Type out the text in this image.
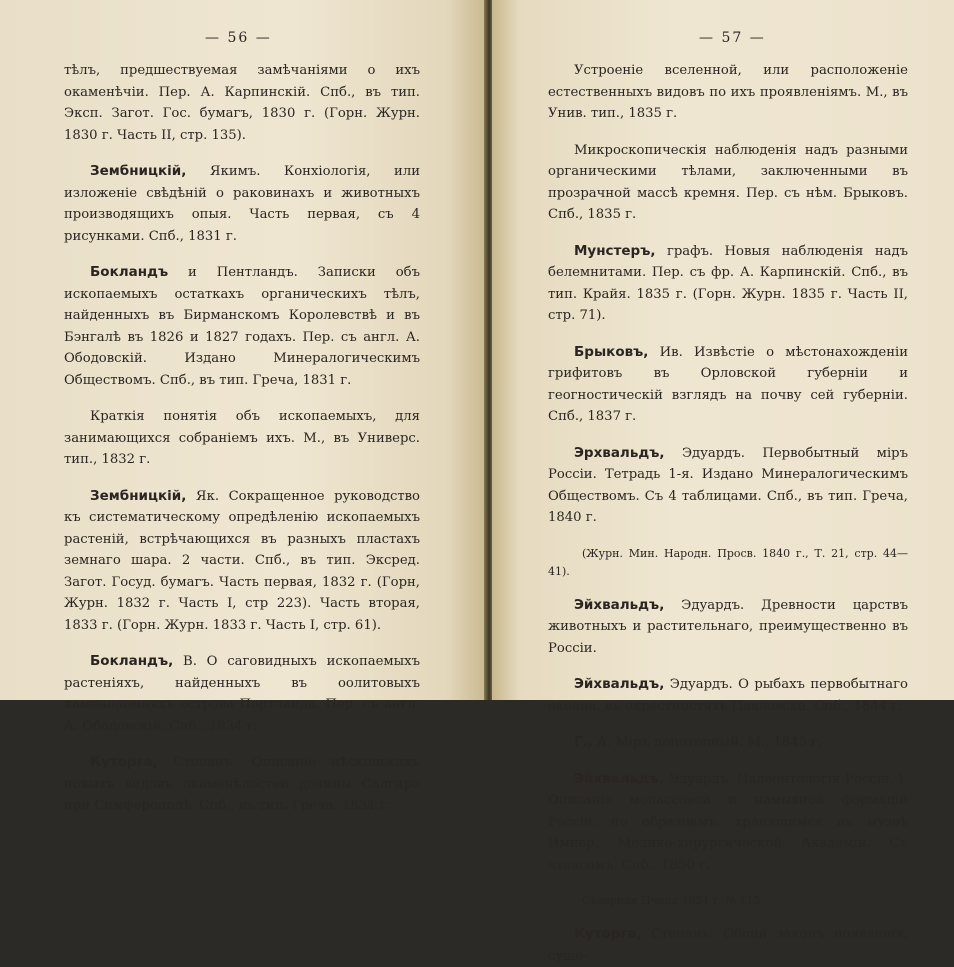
— 56 —

тѣлъ, предшествуемая замѣчаніями о ихъ окаменѣчіи. Пер. А. Карпинскій. Спб., въ тип. Эксп. Загот. Гос. бумагъ, 1830 г. (Горн. Журн. 1830 г. Часть II, стр. 135).

Зембницкій, Якимъ. Конхіологія, или изложеніе свѣдѣній о раковинахъ и животныхъ производящихъ опыя. Часть первая, съ 4 рисунками. Спб., 1831 г.

Бокландъ и Пентландъ. Записки объ ископаемыхъ остаткахъ органическихъ тѣлъ, найденныхъ въ Бирманскомъ Королевствѣ и въ Бэнгалѣ въ 1826 и 1827 годахъ. Пер. съ англ. А. Ободовскій. Издано Минералогическимъ Обществомъ. Спб., въ тип. Греча, 1831 г.

Краткія понятія объ ископаемыхъ, для занимающихся собраніемъ ихъ. М., въ Универс. тип., 1832 г.

Зембницкій, Як. Сокращенное руководство къ систематическому опредѣленію ископаемыхъ растеній, встрѣчающихся въ разныхъ пластахъ земнаго шара. 2 части. Спб., въ тип. Эксред. Загот. Госуд. бумагъ. Часть первая, 1832 г. (Горн, Журн. 1832 г. Часть I, стр 223). Часть вторая, 1833 г. (Горн. Журн. 1833 г. Часть I, стр. 61).

Бокландъ, В. О саговидныхъ ископаемыхъ растеніяхъ, найденныхъ въ оолитовыхъ каменоломняхъ острова Портланда. Пер. съ англ. А. Ободовскій. Спб., 1834 г.

Куторга, Степанъ. Описаніе нѣсколькихъ новыхъ видовъ окаменѣлостей долины Салгира при Симферополѣ. Спб., въ тип. Греча, 1834 г.

— 57 —

Устроеніе вселенной, или расположеніе естественныхъ видовъ по ихъ проявленіямъ. М., въ Унив. тип., 1835 г.

Микроскопическія наблюденія надъ разными органическими тѣлами, заключенными въ прозрачной массѣ кремня. Пер. съ нѣм. Брыковъ. Спб., 1835 г.

Мунстеръ, графъ. Новыя наблюденія надъ белемнитами. Пер. съ фр. А. Карпинскій. Спб., въ тип. Крайя. 1835 г. (Горн. Журн. 1835 г. Часть II, стр. 71).

Брыковъ, Ив. Извѣстіе о мѣстонахожденіи грифитовъ въ Орловской губерніи и геогностическій взглядъ на почву сей губерніи. Спб., 1837 г.

Эрхвальдъ, Эдуардъ. Первобытный міръ Россіи. Тетрадь 1-я. Издано Минералогическимъ Обществомъ. Съ 4 таблицами. Спб., въ тип. Греча, 1840 г.

(Журн. Мин. Народн. Просв. 1840 г., Т. 21, стр. 44—41).

Эйхвальдъ, Эдуардъ. Древности царствъ животныхъ и растительнаго, преимущественно въ Россіи.

Эйхвальдъ, Эдуардъ. О рыбахъ первобытнаго океана, въ окрестностяхъ Павловска. Спб., 1844 г.

Г., А. Міръ допотопный. М., 1845 г.

Эйхвальдъ, Эдуардъ. Палеонтологія Россіи. I. Описаніе молассовой и намывной формацій Россіи, по образцамъ, хранящимся въ музеѣ Импер. Медико-хирургической Академіи. Съ атласомъ. Спб., 1850 г.

Сѣверная Пчела 1851 г. № 115.

Куторга, Степанъ. Общій законъ появленія, суще-
